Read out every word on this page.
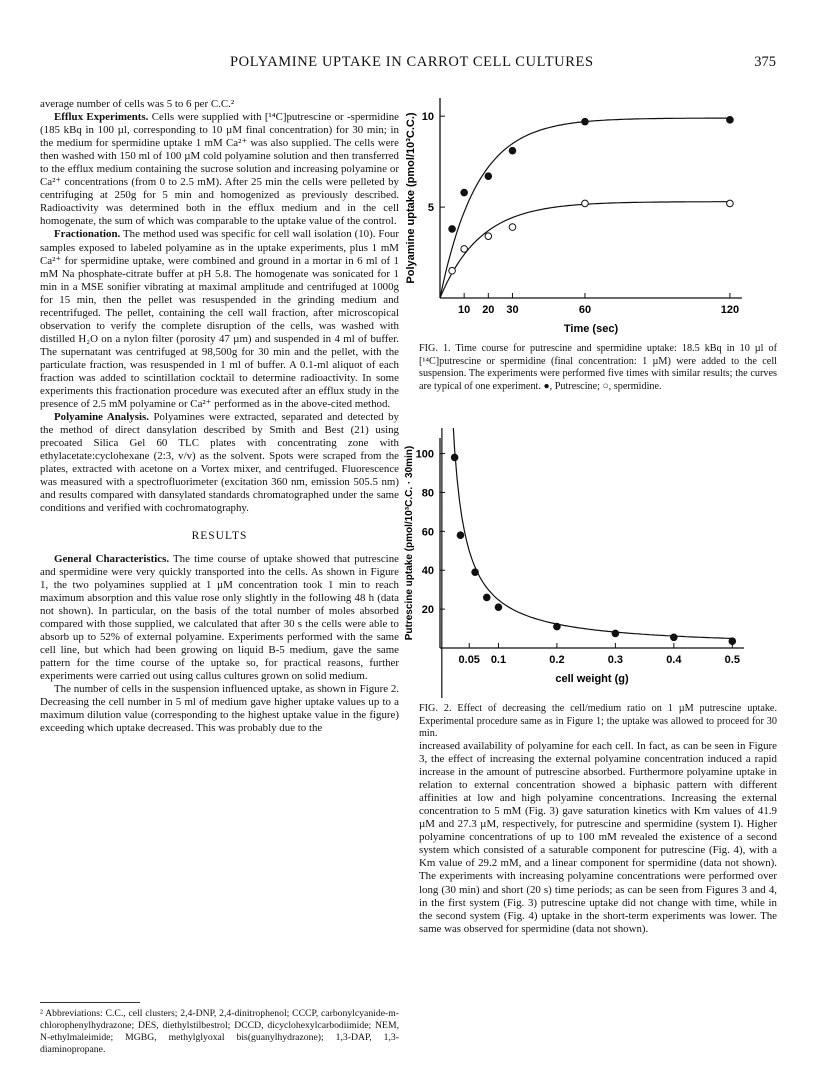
POLYAMINE UPTAKE IN CARROT CELL CULTURES	375

average number of cells was 5 to 6 per C.C.²

Efflux Experiments. Cells were supplied with [¹⁴C]putrescine or -spermidine (185 kBq in 100 µl, corresponding to 10 µM final concentration) for 30 min; in the medium for spermidine uptake 1 mM Ca²⁺ was also supplied. The cells were then washed with 150 ml of 100 µM cold polyamine solution and then transferred to the efflux medium containing the sucrose solution and increasing polyamine or Ca²⁺ concentrations (from 0 to 2.5 mM). After 25 min the cells were pelleted by centrifuging at 250g for 5 min and homogenized as previously described. Radioactivity was determined both in the efflux medium and in the cell homogenate, the sum of which was comparable to the uptake value of the control.

Fractionation. The method used was specific for cell wall isolation (10). Four samples exposed to labeled polyamine as in the uptake experiments, plus 1 mM Ca²⁺ for spermidine uptake, were combined and ground in a mortar in 6 ml of 1 mM Na phosphate-citrate buffer at pH 5.8. The homogenate was sonicated for 1 min in a MSE sonifier vibrating at maximal amplitude and centrifuged at 1000g for 15 min, then the pellet was resuspended in the grinding medium and recentrifuged. The pellet, containing the cell wall fraction, after microscopical observation to verify the complete disruption of the cells, was washed with distilled H₂O on a nylon filter (porosity 47 µm) and suspended in 4 ml of buffer. The supernatant was centrifuged at 98,500g for 30 min and the pellet, with the particulate fraction, was resuspended in 1 ml of buffer. A 0.1-ml aliquot of each fraction was added to scintillation cocktail to determine radioactivity. In some experiments this fractionation procedure was executed after an efflux study in the presence of 2.5 mM polyamine or Ca²⁺ performed as in the above-cited method.

Polyamine Analysis. Polyamines were extracted, separated and detected by the method of direct dansylation described by Smith and Best (21) using precoated Silica Gel 60 TLC plates with concentrating zone with ethylacetate:cyclohexane (2:3, v/v) as the solvent. Spots were scraped from the plates, extracted with acetone on a Vortex mixer, and centrifuged. Fluorescence was measured with a spectrofluorimeter (excitation 360 nm, emission 505.5 nm) and results compared with dansylated standards chromatographed under the same conditions and verified with cochromatography.

RESULTS

General Characteristics. The time course of uptake showed that putrescine and spermidine were very quickly transported into the cells. As shown in Figure 1, the two polyamines supplied at 1 µM concentration took 1 min to reach maximum absorption and this value rose only slightly in the following 48 h (data not shown). In particular, on the basis of the total number of moles absorbed compared with those supplied, we calculated that after 30 s the cells were able to absorb up to 52% of external polyamine. Experiments performed with the same cell line, but which had been growing on liquid B-5 medium, gave the same pattern for the time course of the uptake so, for practical reasons, further experiments were carried out using callus cultures grown on solid medium.

The number of cells in the suspension influenced uptake, as shown in Figure 2. Decreasing the cell number in 5 ml of medium gave higher uptake values up to a maximum dilution value (corresponding to the highest uptake value in the figure) exceeding which uptake decreased. This was probably due to the

² Abbreviations: C.C., cell clusters; 2,4-DNP, 2,4-dinitrophenol; CCCP, carbonylcyanide-m-chlorophenylhydrazone; DES, diethylstilbestrol; DCCD, dicyclohexylcarbodiimide; NEM, N-ethylmaleimide; MGBG, methylglyoxal bis(guanylhydrazone); 1,3-DAP, 1,3-diaminopropane.
10 20 30	60	120
5
10
Time (sec)
Polyamine uptake (pmol/10³C.C.)
FIG. 1. Time course for putrescine and spermidine uptake: 18.5 kBq in 10 µl of [¹⁴C]putrescine or spermidine (final concentration: 1 µM) were added to the cell suspension. The experiments were performed five times with similar results; the curves are typical of one experiment. ●, Putrescine; ○, spermidine.
0.05 0.1	0.2	0.3	0.4	0.5
20
40
60
80
100
cell weight (g)
Putrescine uptake (pmol/10³C.C. · 30min)
FIG. 2. Effect of decreasing the cell/medium ratio on 1 µM putrescine uptake. Experimental procedure same as in Figure 1; the uptake was allowed to proceed for 30 min.

increased availability of polyamine for each cell. In fact, as can be seen in Figure 3, the effect of increasing the external polyamine concentration induced a rapid increase in the amount of putrescine absorbed. Furthermore polyamine uptake in relation to external concentration showed a biphasic pattern with different affinities at low and high polyamine concentrations. Increasing the external concentration to 5 mM (Fig. 3) gave saturation kinetics with Km values of 41.9 µM and 27.3 µM, respectively, for putrescine and spermidine (system I). Higher polyamine concentrations of up to 100 mM revealed the existence of a second system which consisted of a saturable component for putrescine (Fig. 4), with a Km value of 29.2 mM, and a linear component for spermidine (data not shown). The experiments with increasing polyamine concentrations were performed over long (30 min) and short (20 s) time periods; as can be seen from Figures 3 and 4, in the first system (Fig. 3) putrescine uptake did not change with time, while in the second system (Fig. 4) uptake in the short-term experiments was lower. The same was observed for spermidine (data not shown).
